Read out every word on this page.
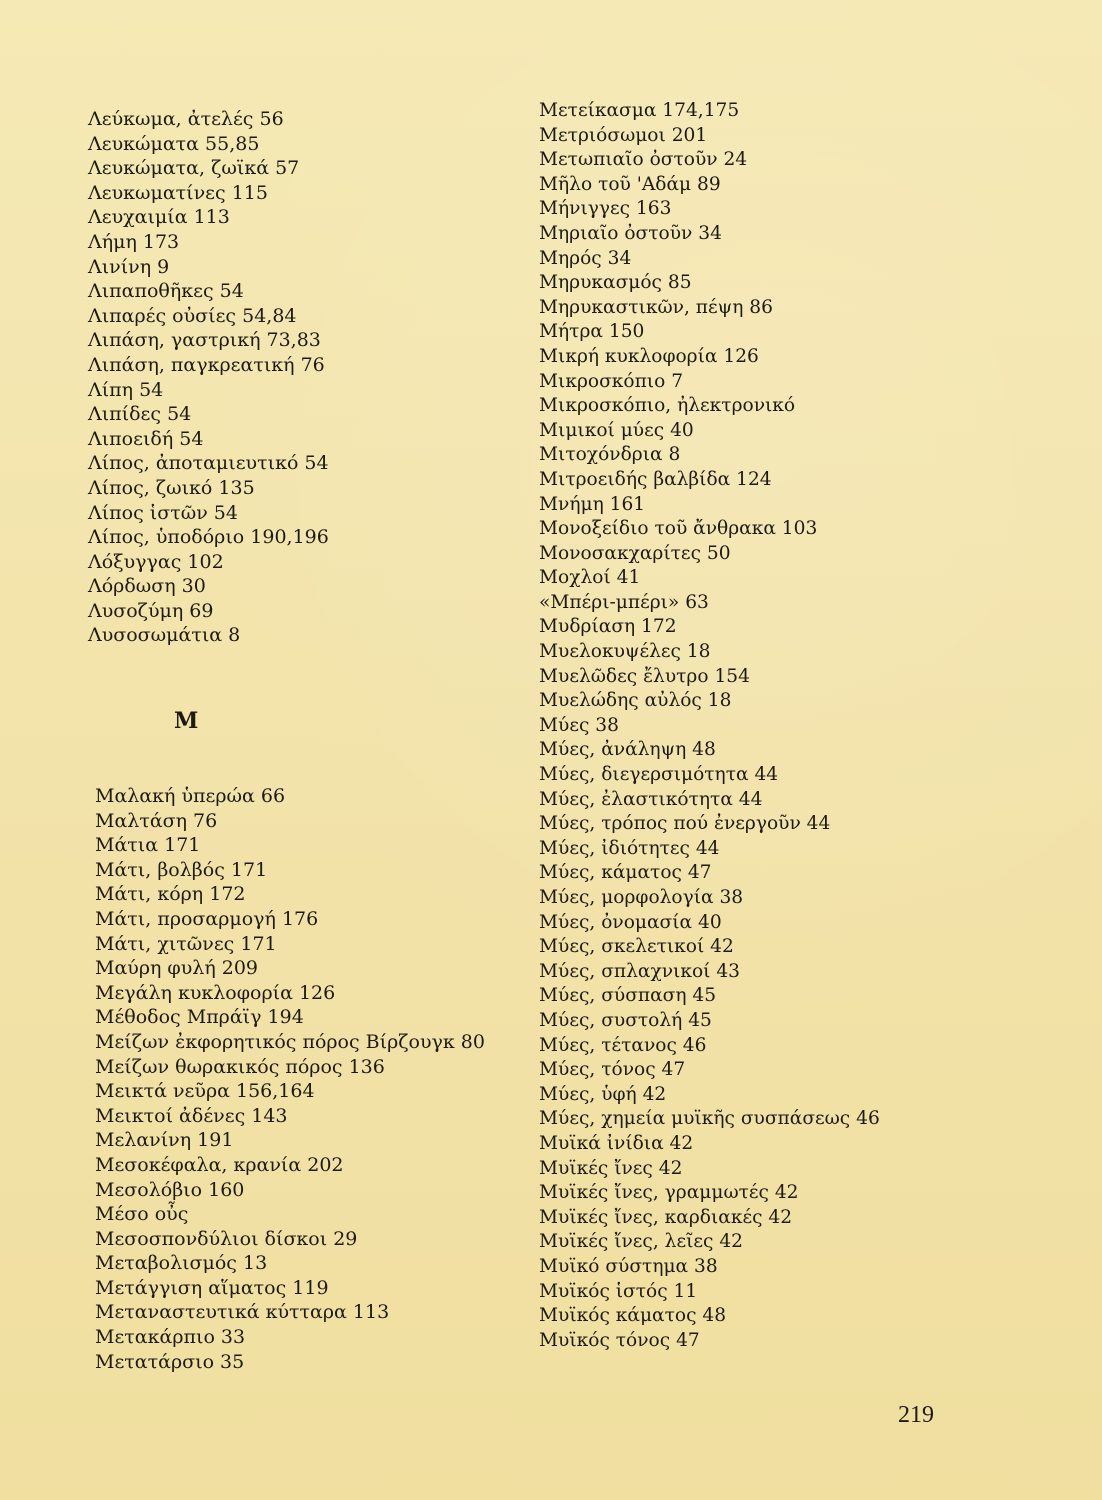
Λεύκωμα, ἀτελές 56
Λευκώματα 55,85
Λευκώματα, ζωϊκά 57
Λευκωματίνες 115
Λευχαιμία 113
Λήμη 173
Λινίνη 9
Λιπαποθῆκες 54
Λιπαρές οὐσίες 54,84
Λιπάση, γαστρική 73,83
Λιπάση, παγκρεατική 76
Λίπη 54
Λιπίδες 54
Λιποειδή 54
Λίπος, ἀποταμιευτικό 54
Λίπος, ζωικό 135
Λίπος ἱστῶν 54
Λίπος, ὑποδόριο 190,196
Λόξυγγας 102
Λόρδωση 30
Λυσοζύμη 69
Λυσοσωμάτια 8
Μ
Μαλακή ὑπερώα 66
Μαλτάση 76
Μάτια 171
Μάτι, βολβός 171
Μάτι, κόρη 172
Μάτι, προσαρμογή 176
Μάτι, χιτῶνες 171
Μαύρη φυλή 209
Μεγάλη κυκλοφορία 126
Μέθοδος Μπράϊγ 194
Μείζων ἐκφορητικός πόρος Βίρζουγκ 80
Μείζων θωρακικός πόρος 136
Μεικτά νεῦρα 156,164
Μεικτοί ἀδένες 143
Μελανίνη 191
Μεσοκέφαλα, κρανία 202
Μεσολόβιο 160
Μέσο οὖς
Μεσοσπονδύλιοι δίσκοι 29
Μεταβολισμός 13
Μετάγγιση αἵματος 119
Μεταναστευτικά κύτταρα 113
Μετακάρπιο 33
Μετατάρσιο 35
Μετείκασμα 174,175
Μετριόσωμοι 201
Μετωπιαῖο ὀστοῦν 24
Μῆλο τοῦ 'Αδάμ 89
Μήνιγγες 163
Μηριαῖο ὀστοῦν 34
Μηρός 34
Μηρυκασμός 85
Μηρυκαστικῶν, πέψη 86
Μήτρα 150
Μικρή κυκλοφορία 126
Μικροσκόπιο 7
Μικροσκόπιο, ἠλεκτρονικό
Μιμικοί μύες 40
Μιτοχόνδρια 8
Μιτροειδής βαλβίδα 124
Μνήμη 161
Μονοξείδιο τοῦ ἄνθρακα 103
Μονοσακχαρίτες 50
Μοχλοί 41
«Μπέρι-μπέρι» 63
Μυδρίαση 172
Μυελοκυψέλες 18
Μυελῶδες ἔλυτρο 154
Μυελώδης αὐλός 18
Μύες 38
Μύες, ἀνάληψη 48
Μύες, διεγερσιμότητα 44
Μύες, ἐλαστικότητα 44
Μύες, τρόπος πού ἐνεργοῦν 44
Μύες, ἰδιότητες 44
Μύες, κάματος 47
Μύες, μορφολογία 38
Μύες, ὀνομασία 40
Μύες, σκελετικοί 42
Μύες, σπλαχνικοί 43
Μύες, σύσπαση 45
Μύες, συστολή 45
Μύες, τέτανος 46
Μύες, τόνος 47
Μύες, ὑφή 42
Μύες, χημεία μυϊκῆς συσπάσεως 46
Μυϊκά ἰνίδια 42
Μυϊκές ἴνες 42
Μυϊκές ἴνες, γραμμωτές 42
Μυϊκές ἴνες, καρδιακές 42
Μυϊκές ἴνες, λεῖες 42
Μυϊκό σύστημα 38
Μυϊκός ἱστός 11
Μυϊκός κάματος 48
Μυϊκός τόνος 47
219
